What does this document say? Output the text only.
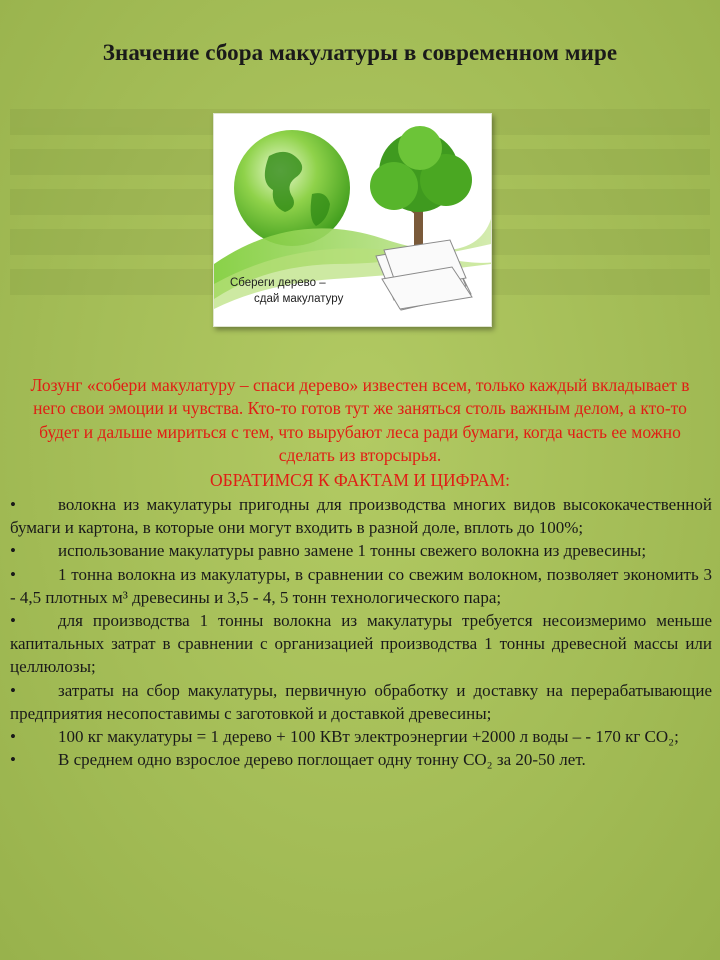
Значение сбора макулатуры в современном мире
Сбереги дерево –
сдай макулатуру
Лозунг «собери макулатуру – спаси дерево» известен всем, только каждый вкладывает в него свои эмоции и чувства. Кто-то готов тут же заняться столь важным делом, а кто-то будет и дальше мириться с тем, что вырубают леса ради бумаги, когда часть ее можно сделать из вторсырья.
ОБРАТИМСЯ К ФАКТАМ И ЦИФРАМ:
•	волокна из макулатуры пригодны для производства многих видов высококачественной бумаги и картона, в которые они могут входить в разной доле, вплоть до 100%;
•	использование макулатуры равно замене 1 тонны свежего волокна из древесины;
•	1 тонна волокна из макулатуры, в сравнении со свежим волокном, позволяет экономить 3 - 4,5 плотных м³ древесины и 3,5 - 4, 5 тонн технологического пара;
•	для производства 1 тонны волокна из макулатуры требуется несоизмеримо меньше капитальных затрат в сравнении с организацией производства 1 тонны древесной массы или целлюлозы;
•	затраты на сбор макулатуры, первичную обработку и доставку на перерабатывающие предприятия несопоставимы с заготовкой и доставкой древесины;
•	100 кг макулатуры = 1 дерево + 100 КВт электроэнергии +2000 л воды – - 170 кг CO₂;
•	В среднем одно взрослое дерево поглощает одну тонну CO₂ за 20-50 лет.
